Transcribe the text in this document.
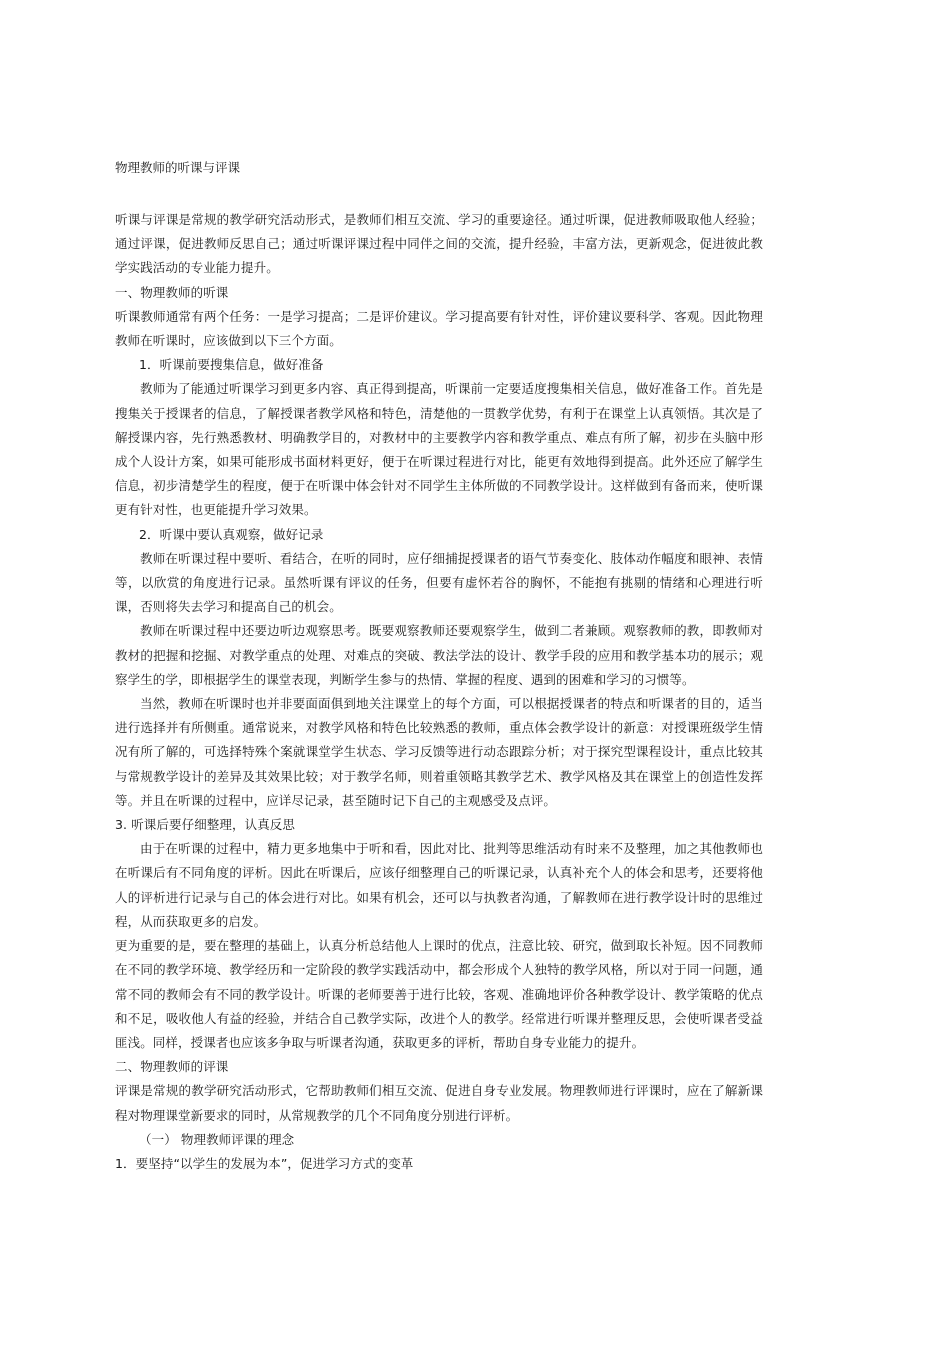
物理教师的听课与评课

听课与评课是常规的教学研究活动形式，是教师们相互交流、学习的重要途径。通过听课，促进教师吸取他人经验；通过评课，促进教师反思自己；通过听课评课过程中同伴之间的交流，提升经验，丰富方法，更新观念，促进彼此教学实践活动的专业能力提升。

一、物理教师的听课

听课教师通常有两个任务：一是学习提高；二是评价建议。学习提高要有针对性，评价建议要科学、客观。因此物理教师在听课时，应该做到以下三个方面。

1．听课前要搜集信息，做好准备

教师为了能通过听课学习到更多内容、真正得到提高，听课前一定要适度搜集相关信息，做好准备工作。首先是搜集关于授课者的信息，了解授课者教学风格和特色，清楚他的一贯教学优势，有利于在课堂上认真领悟。其次是了解授课内容，先行熟悉教材、明确教学目的，对教材中的主要教学内容和教学重点、难点有所了解，初步在头脑中形成个人设计方案，如果可能形成书面材料更好，便于在听课过程进行对比，能更有效地得到提高。此外还应了解学生信息，初步清楚学生的程度，便于在听课中体会针对不同学生主体所做的不同教学设计。这样做到有备而来，使听课更有针对性，也更能提升学习效果。

2．听课中要认真观察，做好记录

教师在听课过程中要听、看结合，在听的同时，应仔细捕捉授课者的语气节奏变化、肢体动作幅度和眼神、表情等，以欣赏的角度进行记录。虽然听课有评议的任务，但要有虚怀若谷的胸怀，不能抱有挑剔的情绪和心理进行听课，否则将失去学习和提高自己的机会。

教师在听课过程中还要边听边观察思考。既要观察教师还要观察学生，做到二者兼顾。观察教师的教，即教师对教材的把握和挖掘、对教学重点的处理、对难点的突破、教法学法的设计、教学手段的应用和教学基本功的展示；观察学生的学，即根据学生的课堂表现，判断学生参与的热情、掌握的程度、遇到的困难和学习的习惯等。

当然，教师在听课时也并非要面面俱到地关注课堂上的每个方面，可以根据授课者的特点和听课者的目的，适当进行选择并有所侧重。通常说来，对教学风格和特色比较熟悉的教师，重点体会教学设计的新意：对授课班级学生情况有所了解的，可选择特殊个案就课堂学生状态、学习反馈等进行动态跟踪分析；对于探究型课程设计，重点比较其与常规教学设计的差异及其效果比较；对于教学名师，则着重领略其教学艺术、教学风格及其在课堂上的创造性发挥等。并且在听课的过程中，应详尽记录，甚至随时记下自己的主观感受及点评。

3. 听课后要仔细整理，认真反思

由于在听课的过程中，精力更多地集中于听和看，因此对比、批判等思维活动有时来不及整理，加之其他教师也在听课后有不同角度的评析。因此在听课后，应该仔细整理自己的听课记录，认真补充个人的体会和思考，还要将他人的评析进行记录与自己的体会进行对比。如果有机会，还可以与执教者沟通，了解教师在进行教学设计时的思维过程，从而获取更多的启发。

更为重要的是，要在整理的基础上，认真分析总结他人上课时的优点，注意比较、研究，做到取长补短。因不同教师在不同的教学环境、教学经历和一定阶段的教学实践活动中，都会形成个人独特的教学风格，所以对于同一问题，通常不同的教师会有不同的教学设计。听课的老师要善于进行比较，客观、准确地评价各种教学设计、教学策略的优点和不足，吸收他人有益的经验，并结合自己教学实际，改进个人的教学。经常进行听课并整理反思，会使听课者受益匪浅。同样，授课者也应该多争取与听课者沟通，获取更多的评析，帮助自身专业能力的提升。

二、物理教师的评课

评课是常规的教学研究活动形式，它帮助教师们相互交流、促进自身专业发展。物理教师进行评课时，应在了解新课程对物理课堂新要求的同时，从常规教学的几个不同角度分别进行评析。

（一） 物理教师评课的理念

1．要坚持“以学生的发展为本”，促进学习方式的变革
